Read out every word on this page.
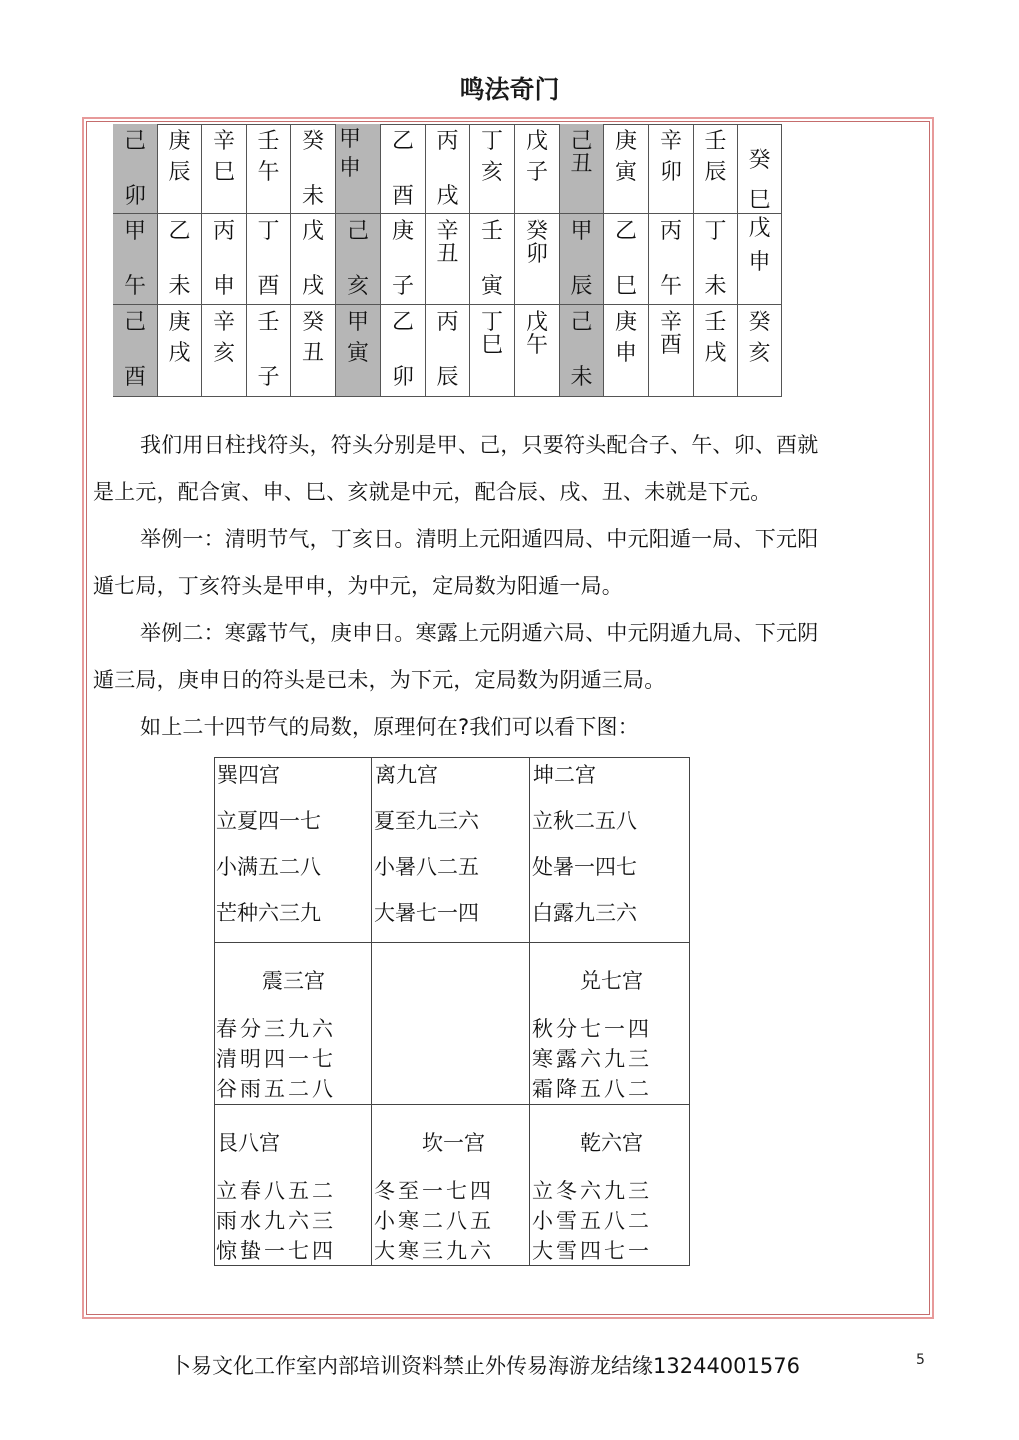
鸣法奇门
己
卯
庚
辰
辛
巳
壬
午
癸
未
甲
申
乙
酉
丙
戌
丁
亥
戊
子
己
丑
庚
寅
辛
卯
壬
辰 癸
巳
甲
午
乙
未
丙
申
丁
酉
戊
戌
己
亥
庚
子
辛
丑
壬
寅
癸
卯
甲
辰
乙
巳
丙
午
丁
未
戊
申
己
酉
庚
戌
辛
亥
壬
子
癸
丑
甲
寅
乙
卯
丙
辰
丁
巳
戊
午
己
未
庚
申
辛
酉
壬
戌
癸
亥
我们用日柱找符头，符头分别是甲、己，只要符头配合子、午、卯、酉就
是上元，配合寅、申、巳、亥就是中元，配合辰、戌、丑、未就是下元。
举例一：清明节气，丁亥日。清明上元阳遁四局、中元阳遁一局、下元阳
遁七局，丁亥符头是甲申，为中元，定局数为阳遁一局。
举例二：寒露节气，庚申日。寒露上元阴遁六局、中元阴遁九局、下元阴
遁三局，庚申日的符头是已未，为下元，定局数为阴遁三局。
如上二十四节气的局数，原理何在?我们可以看下图：
巽四宫
立夏四一七
小满五二八
芒种六三九
离九宫
夏至九三六
小暑八二五
大暑七一四
坤二宫
立秋二五八
处暑一四七
白露九三六
震三宫
春分三九六
清明四一七
谷雨五二八
兑七宫
秋分七一四
寒露六九三
霜降五八二
艮八宫
立春八五二
雨水九六三
惊蛰一七四
坎一宫
冬至一七四
小寒二八五
大寒三九六
乾六宫
立冬六九三
小雪五八二
大雪四七一
卜易文化工作室内部培训资料禁止外传易海游龙结缘13244001576	5
